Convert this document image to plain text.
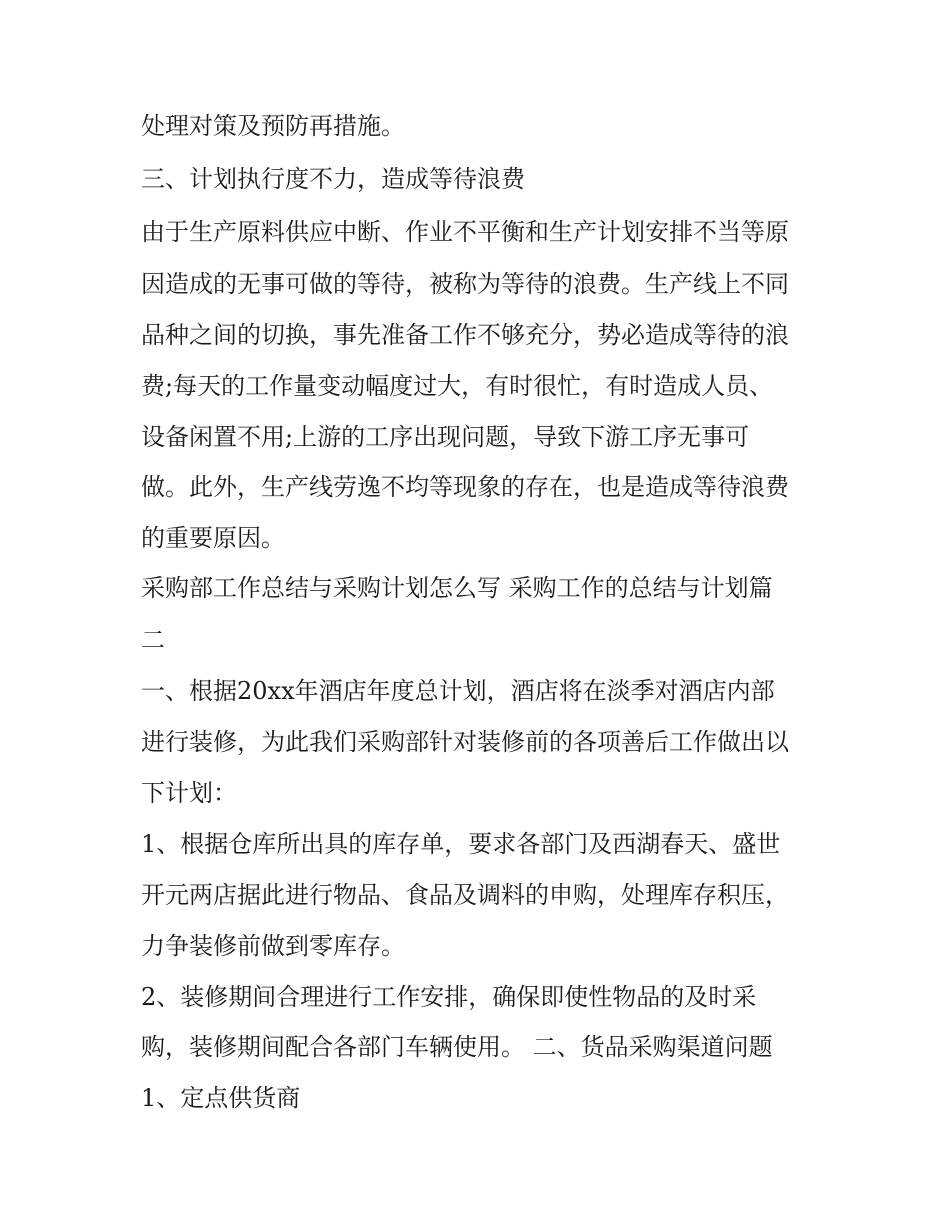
处理对策及预防再措施。

三、计划执行度不力，造成等待浪费

由于生产原料供应中断、作业不平衡和生产计划安排不当等原

因造成的无事可做的等待，被称为等待的浪费。生产线上不同

品种之间的切换，事先准备工作不够充分，势必造成等待的浪

费;每天的工作量变动幅度过大，有时很忙，有时造成人员、

设备闲置不用;上游的工序出现问题，导致下游工序无事可

做。此外，生产线劳逸不均等现象的存在，也是造成等待浪费

的重要原因。

采购部工作总结与采购计划怎么写 采购工作的总结与计划篇

二

一、根据20xx年酒店年度总计划，酒店将在淡季对酒店内部

进行装修，为此我们采购部针对装修前的各项善后工作做出以

下计划：

1、根据仓库所出具的库存单，要求各部门及西湖春天、盛世

开元两店据此进行物品、食品及调料的申购，处理库存积压，

力争装修前做到零库存。

2、装修期间合理进行工作安排，确保即使性物品的及时采

购，装修期间配合各部门车辆使用。 二、货品采购渠道问题

1、定点供货商
